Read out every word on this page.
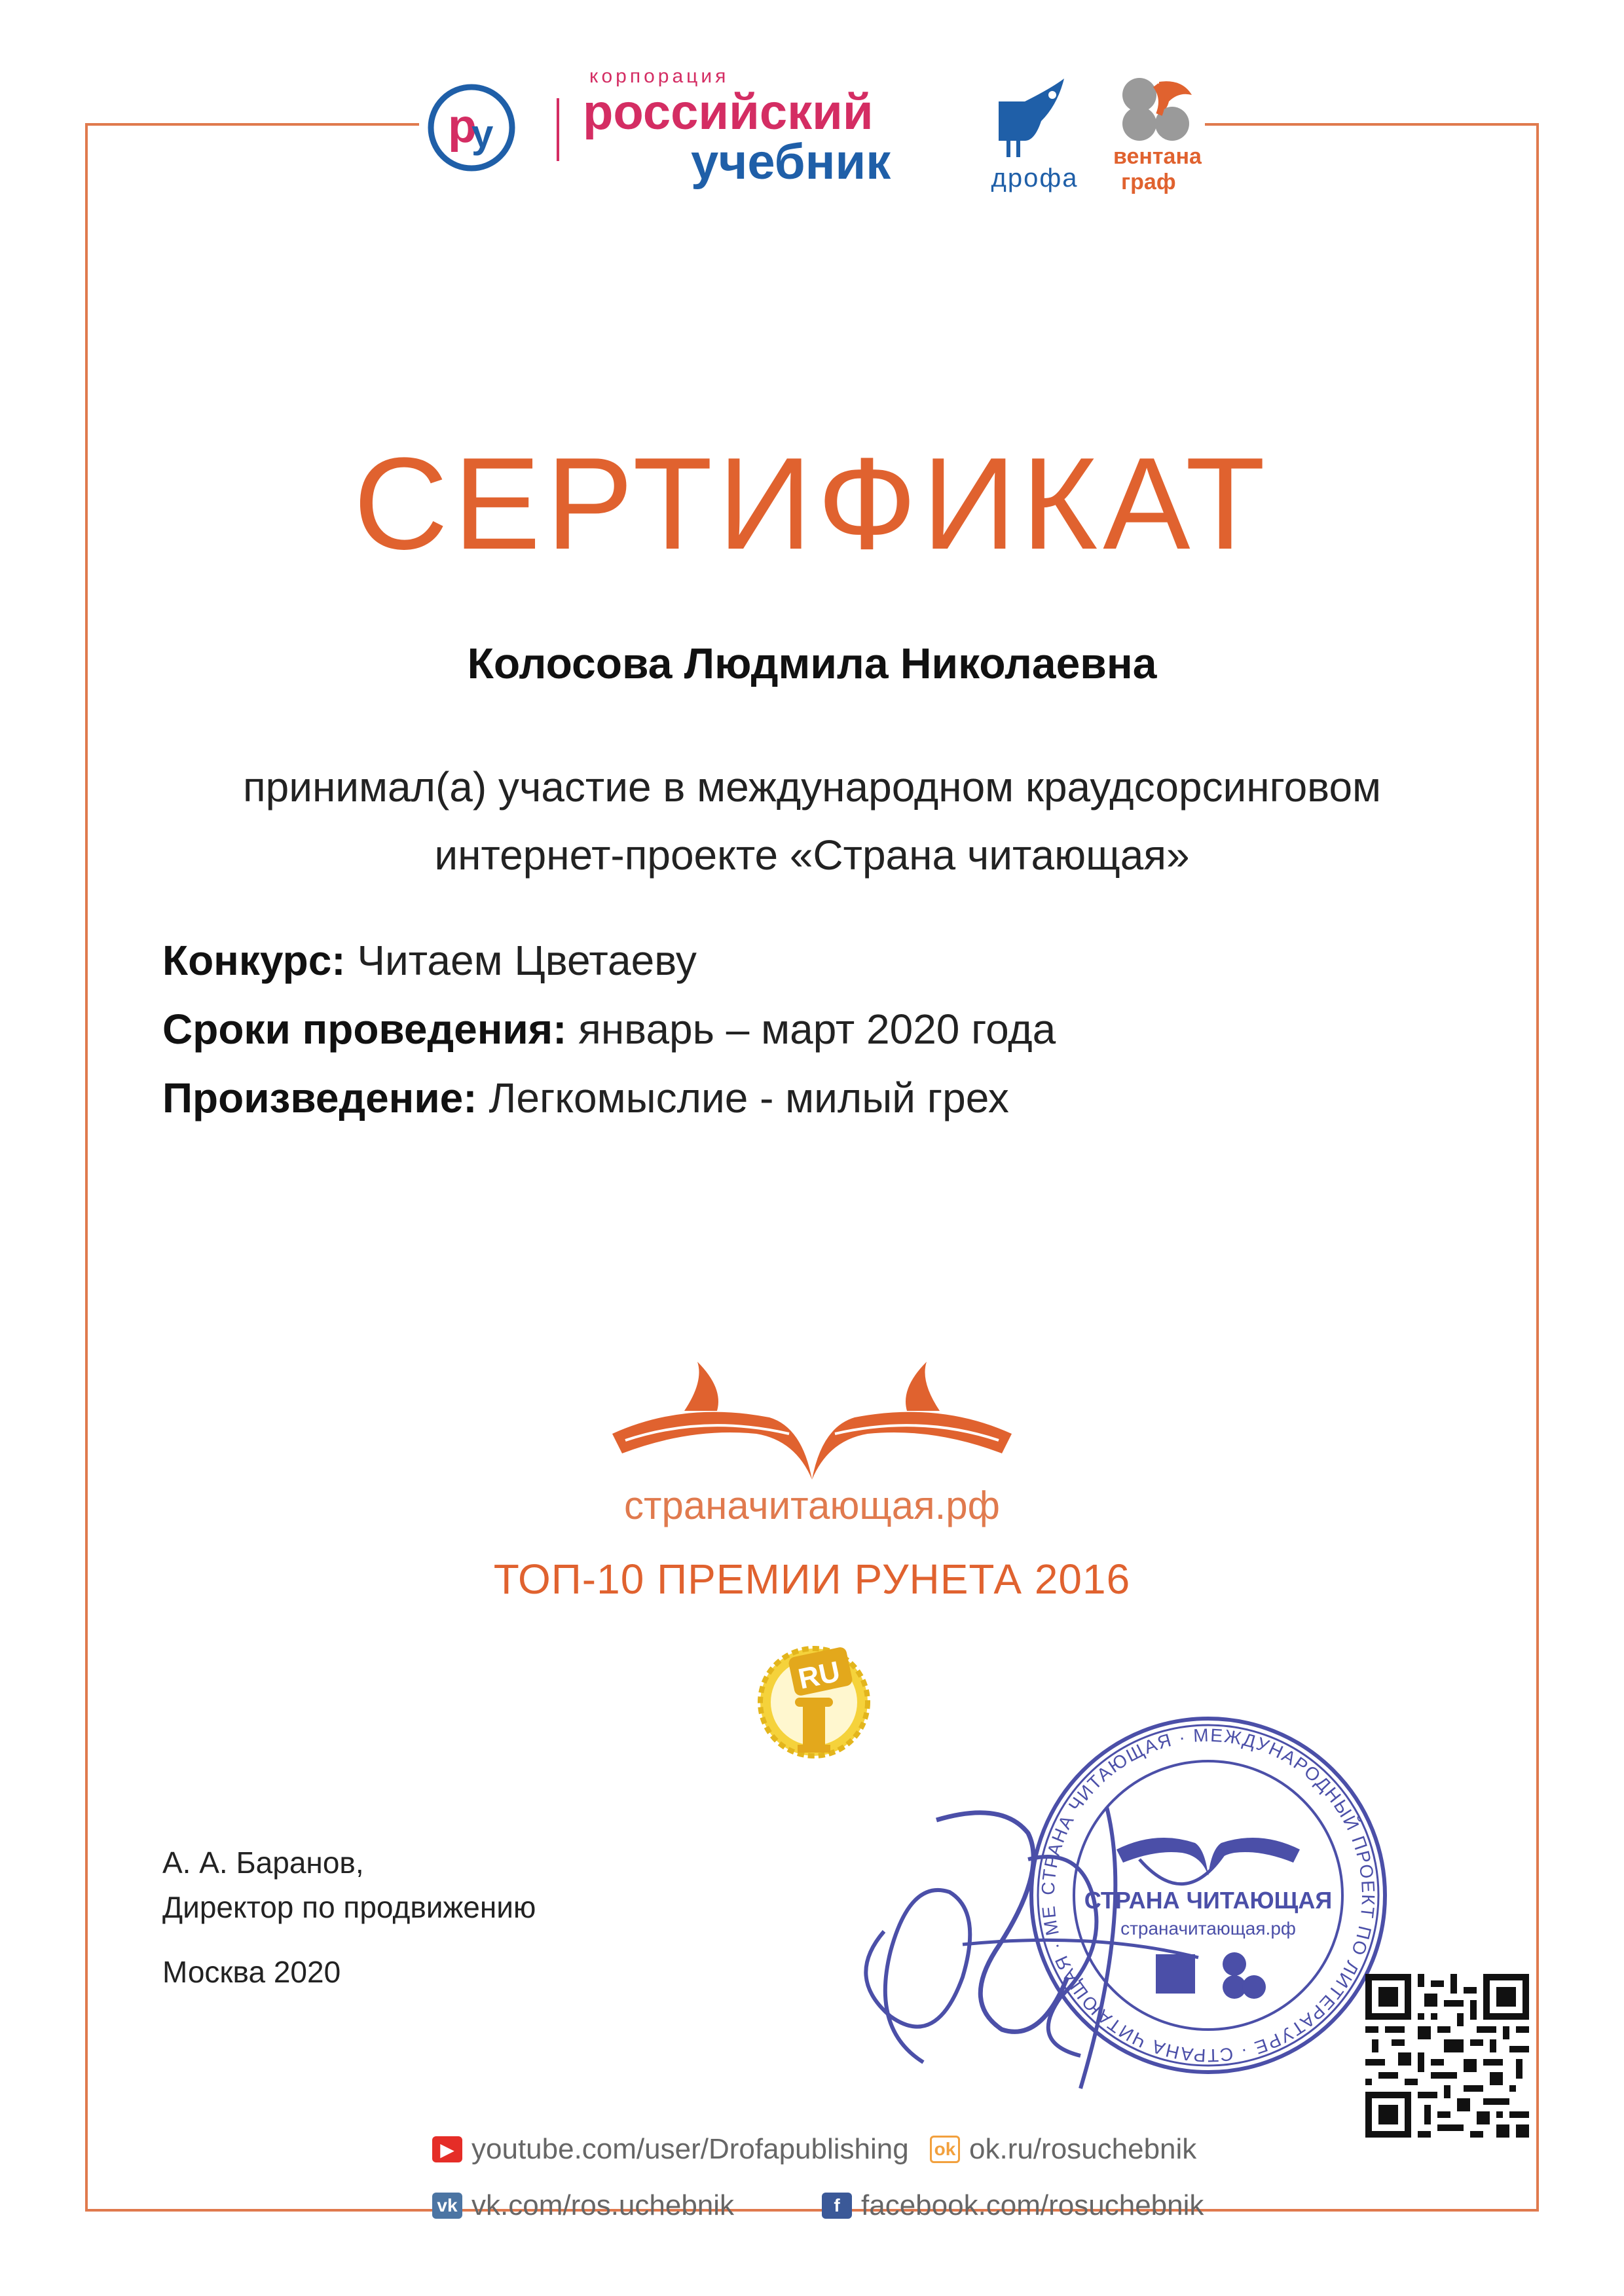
р
у
корпорация
российский
учебник	дрофа
вентана
граф
СЕРТИФИКАТ
Колосова Людмила Николаевна
принимал(а) участие в международном краудсорсинговом
интернет-проекте «Страна читающая»
Конкурс: Читаем Цветаеву
Сроки проведения: январь – март 2020 года
Произведение: Легкомыслие - милый грех
страначитающая.рф
ТОП-10 ПРЕМИИ РУНЕТА 2016
RU
А. А. Баранов,
Директор по продвижению
Москва 2020
СТРАНА ЧИТАЮЩАЯ · МЕЖДУНАРОДНЫЙ ПРОЕКТ ПО ЛИТЕРАТУРЕ · СТРАНА ЧИТАЮЩАЯ · МЕ	СТРАНА ЧИТАЮЩАЯ
страначитающая.рф
▶ youtube.com/user/Drofapublishing ok ok.ru/rosuchebnik
vk vk.com/ros.uchebnik	f facebook.com/rosuchebnik
